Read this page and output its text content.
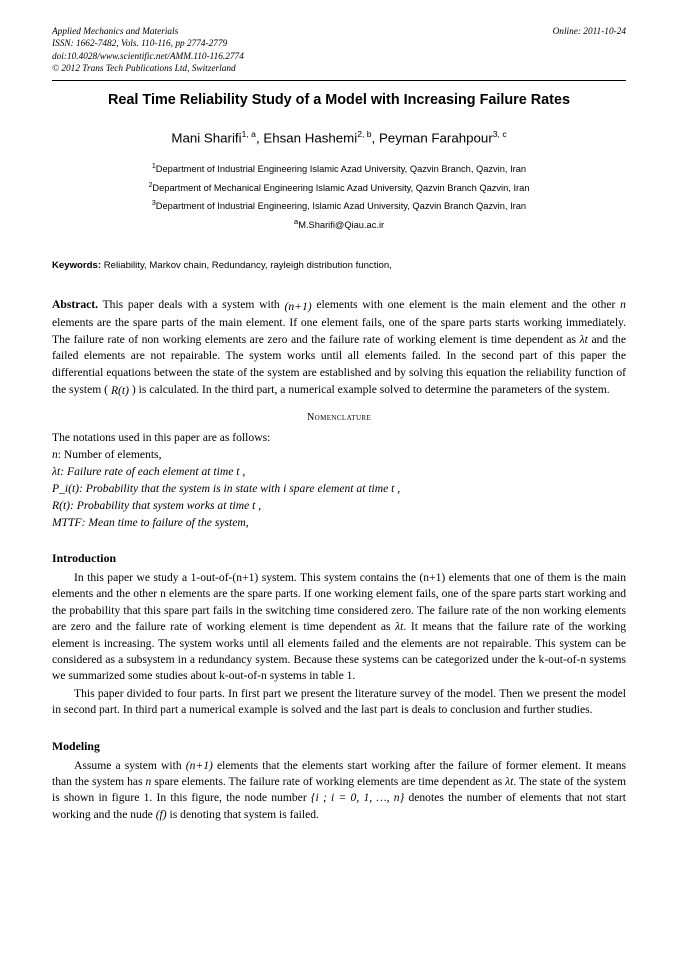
Applied Mechanics and Materials
ISSN: 1662-7482, Vols. 110-116, pp 2774-2779
doi:10.4028/www.scientific.net/AMM.110-116.2774
© 2012 Trans Tech Publications Ltd, Switzerland
Online: 2011-10-24
Real Time Reliability Study of a Model with Increasing Failure Rates
Mani Sharifi$^{1, a}$, Ehsan Hashemi$^{2, b}$, Peyman Farahpour$^{3, c}$
$^1$Department of Industrial Engineering Islamic Azad University, Qazvin Branch, Qazvin, Iran
$^2$Department of Mechanical Engineering Islamic Azad University, Qazvin Branch Qazvin, Iran
$^3$Department of Industrial Engineering, Islamic Azad University, Qazvin Branch Qazvin, Iran
$^a$M.Sharifi@Qiau.ac.ir
Keywords: Reliability, Markov chain, Redundancy, rayleigh distribution function,
Abstract. This paper deals with a system with (n+1) elements with one element is the main element and the other n elements are the spare parts of the main element. If one element fails, one of the spare parts starts working immediately. The failure rate of non working elements are zero and the failure rate of working element is time dependent as λt and the failed elements are not repairable. The system works until all elements failed. In the second part of this paper the differential equations between the state of the system are established and by solving this equation the reliability function of the system ( R(t) ) is calculated. In the third part, a numerical example solved to determine the parameters of the system.
Nomenclature
The notations used in this paper are as follows:
n: Number of elements,
λt: Failure rate of each element at time t ,
P_i(t): Probability that the system is in state with i spare element at time t ,
R(t): Probability that system works at time t ,
MTTF: Mean time to failure of the system,
Introduction

In this paper we study a 1-out-of-(n+1) system. This system contains the (n+1) elements that one of them is the main elements and the other n elements are the spare parts. If one working element fails, one of the spare parts start working and the probability that this spare part fails in the switching time considered zero. The failure rate of the non working elements are zero and the failure rate of working element is time dependent as λt. It means that the failure rate of the working element is increasing. The system works until all elements failed and the elements are not repairable. This system can be considered as a subsystem in a redundancy system. Because these systems can be categorized under the k-out-of-n systems we summarized some studies about k-out-of-n systems in table 1.

This paper divided to four parts. In first part we present the literature survey of the model. Then we present the model in second part. In third part a numerical example is solved and the last part is deals to conclusion and further studies.

Modeling

Assume a system with (n+1) elements that the elements start working after the failure of former element. It means than the system has n spare elements. The failure rate of working elements are time dependent as λt. The state of the system is shown in figure 1. In this figure, the node number {i ; i = 0, 1, …, n} denotes the number of elements that not start working and the nude (f) is denoting that system is failed.
